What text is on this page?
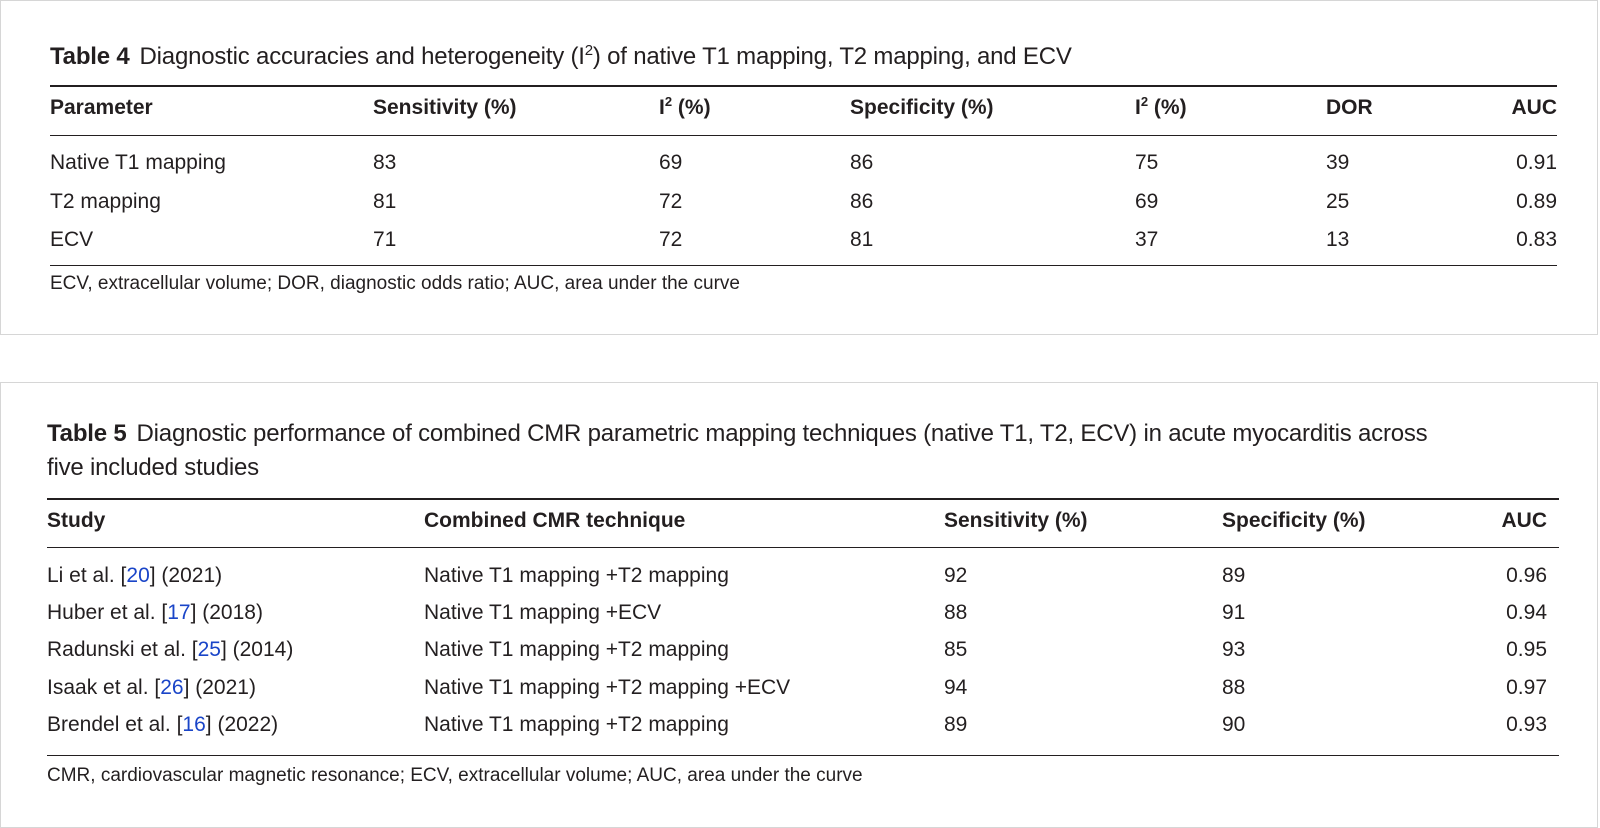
Table 4 Diagnostic accuracies and heterogeneity $(I^2)$ of native T1 mapping, T2 mapping, and ECV
Parameter	Sensitivity (%)	$I^2$ (%)	Specificity (%)	$I^2$ (%)	DOR	AUC
Native T1 mapping	83	69	86	75	39	0.91
T2 mapping	81	72	86	69	25	0.89
ECV	71	72	81	37	13	0.83
ECV, extracellular volume; DOR, diagnostic odds ratio; AUC, area under the curve
Table 5 Diagnostic performance of combined CMR parametric mapping techniques (native T1, T2, ECV) in acute myocarditis across
five included studies
Study	Combined CMR technique	Sensitivity (%)	Specificity (%)	AUC
Li et al. [20] (2021)	Native T1 mapping +T2 mapping	92	89	0.96
Huber et al. [17] (2018)	Native T1 mapping +ECV	88	91	0.94
Radunski et al. [25] (2014)	Native T1 mapping +T2 mapping	85	93	0.95
Isaak et al. [26] (2021)	Native T1 mapping +T2 mapping +ECV	94	88	0.97
Brendel et al. [16] (2022)	Native T1 mapping +T2 mapping	89	90	0.93
CMR, cardiovascular magnetic resonance; ECV, extracellular volume; AUC, area under the curve
